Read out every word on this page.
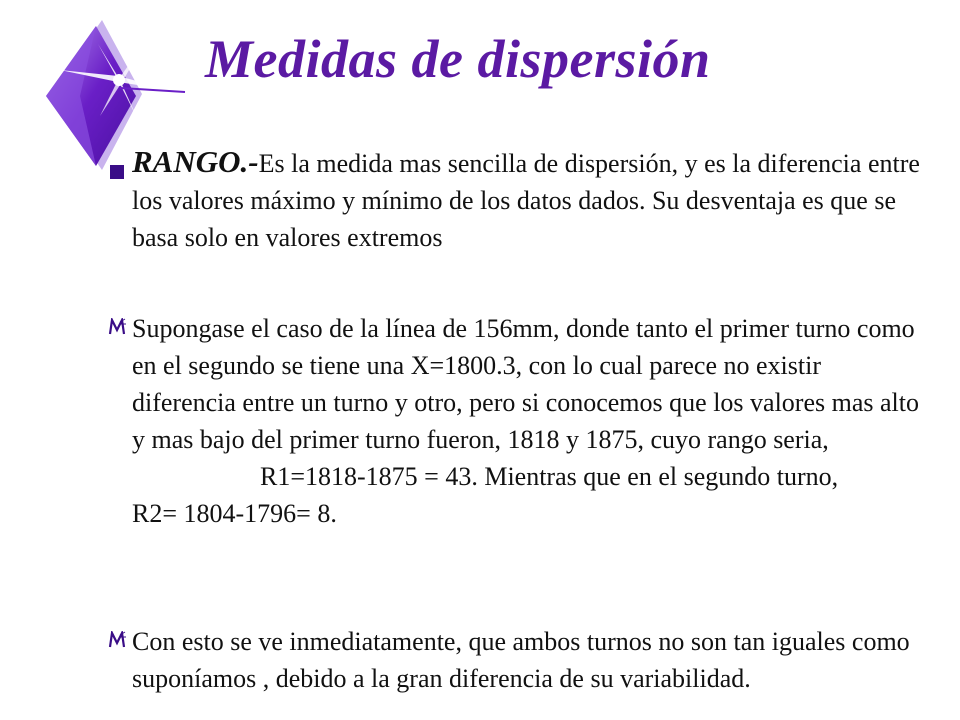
Medidas de dispersión
RANGO.-Es la medida mas sencilla de dispersión, y es la diferencia entre los valores máximo y mínimo de los datos dados. Su desventaja es que se basa solo en valores extremos
Supongase el caso de la línea de 156mm, donde tanto el primer turno como en el segundo se tiene una X=1800.3, con lo cual parece no existir diferencia entre un turno y otro, pero si conocemos que los valores mas alto y mas bajo del primer turno fueron, 1818 y 1875, cuyo rango seria,R1=1818-1875 = 43. Mientras que en el segundo turno,R2= 1804-1796= 8.
Con esto se ve inmediatamente, que ambos turnos no son tan iguales como suponíamos , debido a la gran diferencia de su variabilidad.
